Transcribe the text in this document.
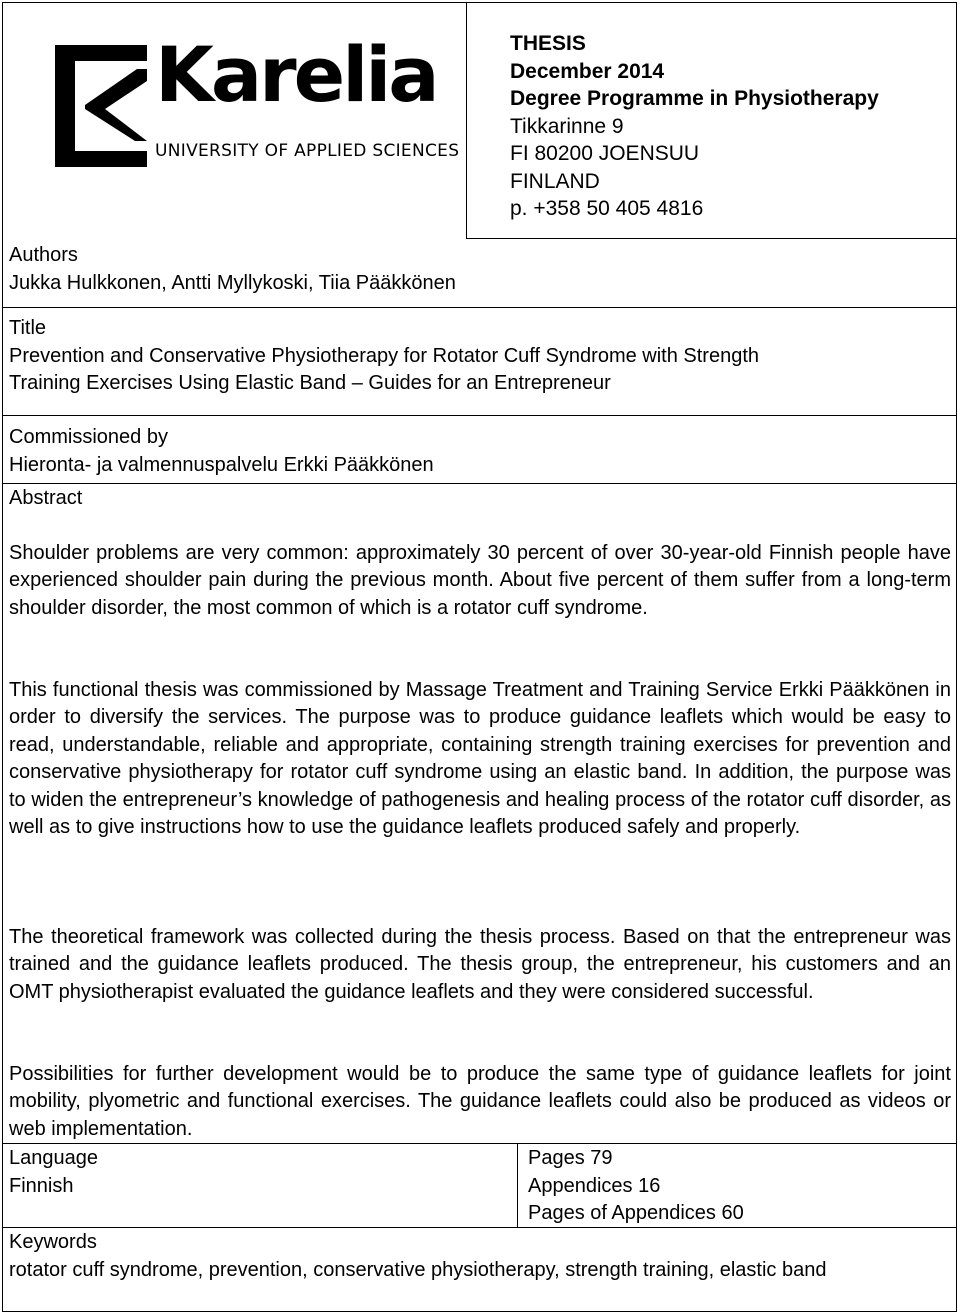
Karelia
UNIVERSITY OF APPLIED SCIENCES
THESIS
December 2014
Degree Programme in Physiotherapy
Tikkarinne 9
FI 80200 JOENSUU
FINLAND
p. +358 50 405 4816
Authors
Jukka Hulkkonen, Antti Myllykoski, Tiia Pääkkönen
Title
Prevention and Conservative Physiotherapy for Rotator Cuff Syndrome with Strength
Training Exercises Using Elastic Band – Guides for an Entrepreneur
Commissioned by
Hieronta- ja valmennuspalvelu Erkki Pääkkönen
Abstract
Shoulder problems are very common: approximately 30 percent of over 30-year-old Finnish people have experienced shoulder pain during the previous month. About five percent of them suffer from a long-term shoulder disorder, the most common of which is a rotator cuff syndrome.
This functional thesis was commissioned by Massage Treatment and Training Service Erkki Pääkkönen in order to diversify the services. The purpose was to produce guidance leaflets which would be easy to read, understandable, reliable and appropriate, containing strength training exercises for prevention and conservative physiotherapy for rotator cuff syndrome using an elastic band. In addition, the purpose was to widen the entrepreneur’s knowledge of pathogenesis and healing process of the rotator cuff disorder, as well as to give instructions how to use the guidance leaflets produced safely and properly.
The theoretical framework was collected during the thesis process. Based on that the entrepreneur was trained and the guidance leaflets produced. The thesis group, the entrepreneur, his customers and an OMT physiotherapist evaluated the guidance leaflets and they were considered successful.
Possibilities for further development would be to produce the same type of guidance leaflets for joint mobility, plyometric and functional exercises. The guidance leaflets could also be produced as videos or web implementation.
Language
Finnish
Pages 79
Appendices 16
Pages of Appendices 60
Keywords
rotator cuff syndrome, prevention, conservative physiotherapy, strength training, elastic band
